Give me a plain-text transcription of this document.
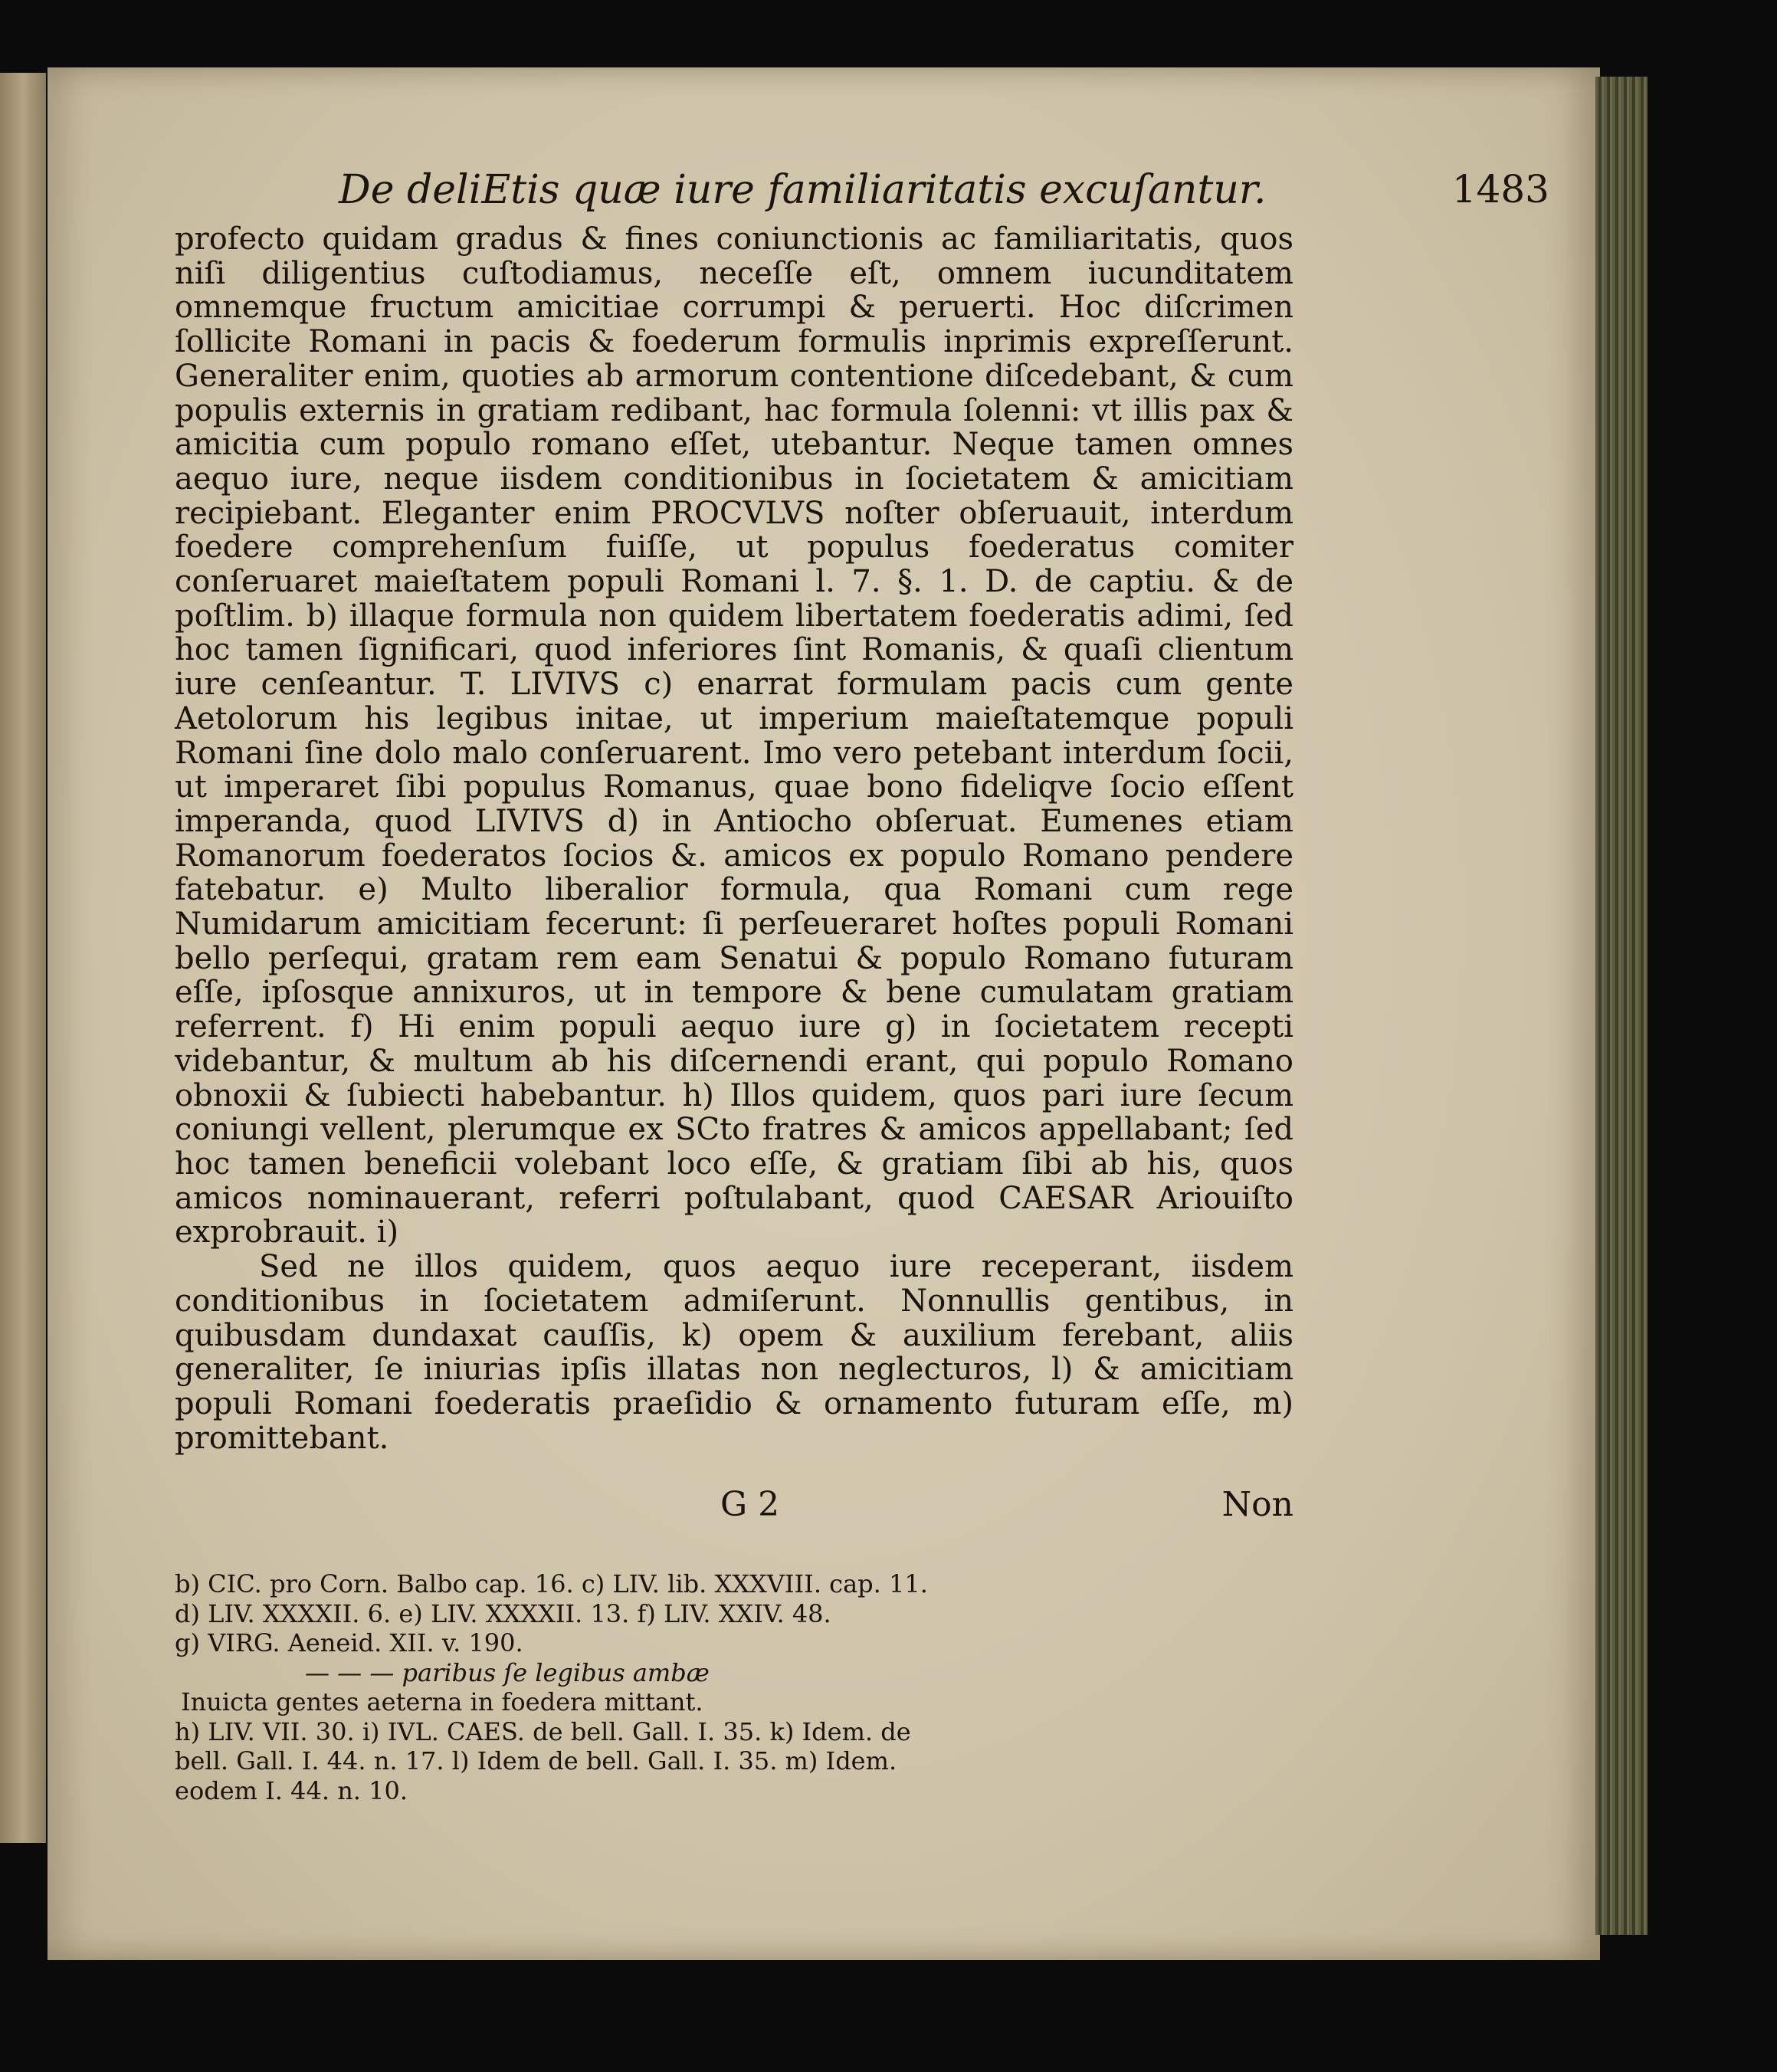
De deliEtis quæ iure familiaritatis excuſantur.	1483

profecto quidam gradus & fines coniunctionis ac familiaritatis, quos niſi diligentius cuſtodiamus, neceſſe eſt, omnem iucunditatem omnemque fructum amicitiae corrumpi & peruerti. Hoc diſcrimen ſollicite Romani in pacis & foederum formulis inprimis expreſſerunt. Generaliter enim, quoties ab armorum contentione diſcedebant, & cum populis externis in gratiam redibant, hac formula ſolenni: vt illis pax & amicitia cum populo romano eſſet, utebantur. Neque tamen omnes aequo iure, neque iisdem conditionibus in ſocietatem & amicitiam recipiebant. Eleganter enim PROCVLVS noſter obſeruauit, interdum foedere comprehenſum fuiſſe, ut populus foederatus comiter conſeruaret maieſtatem populi Romani l. 7. §. 1. D. de captiu. & de poſtlim. b) illaque formula non quidem libertatem foederatis adimi, ſed hoc tamen ſignificari, quod inferiores ſint Romanis, & quaſi clientum iure cenſeantur. T. LIVIVS c) enarrat formulam pacis cum gente Aetolorum his legibus initae, ut imperium maieſtatemque populi Romani ſine dolo malo conſeruarent. Imo vero petebant interdum ſocii, ut imperaret ſibi populus Romanus, quae bono fideliqve ſocio eſſent imperanda, quod LIVIVS d) in Antiocho obſeruat. Eumenes etiam Romanorum foederatos ſocios &. amicos ex populo Romano pendere fatebatur. e) Multo liberalior formula, qua Romani cum rege Numidarum amicitiam fecerunt: ſi perſeueraret hoſtes populi Romani bello perſequi, gratam rem eam Senatui & populo Romano futuram eſſe, ipſosque annixuros, ut in tempore & bene cumulatam gratiam referrent. f) Hi enim populi aequo iure g) in ſocietatem recepti videbantur, & multum ab his diſcernendi erant, qui populo Romano obnoxii & ſubiecti habebantur. h) Illos quidem, quos pari iure ſecum coniungi vellent, plerumque ex SCto fratres & amicos appellabant; ſed hoc tamen beneficii volebant loco eſſe, & gratiam ſibi ab his, quos amicos nominauerant, referri poſtulabant, quod CAESAR Ariouiſto exprobrauit. i)

Sed ne illos quidem, quos aequo iure receperant, iisdem conditionibus in ſocietatem admiſerunt. Nonnullis gentibus, in quibusdam dundaxat cauſſis, k) opem & auxilium ferebant, aliis generaliter, ſe iniurias ipſis illatas non neglecturos, l) & amicitiam populi Romani foederatis praeſidio & ornamento futuram eſſe, m) promittebant.

G 2	Non
b) CIC. pro Corn. Balbo cap. 16. c) LIV. lib. XXXVIII. cap. 11.
d) LIV. XXXXII. 6. e) LIV. XXXXII. 13. f) LIV. XXIV. 48.
g) VIRG. Aeneid. XII. v. 190.
— — — paribus ſe legibus ambæ
Inuicta gentes aeterna in foedera mittant.
h) LIV. VII. 30. i) IVL. CAES. de bell. Gall. I. 35. k) Idem. de
bell. Gall. I. 44. n. 17. l) Idem de bell. Gall. I. 35. m) Idem.
eodem I. 44. n. 10.
